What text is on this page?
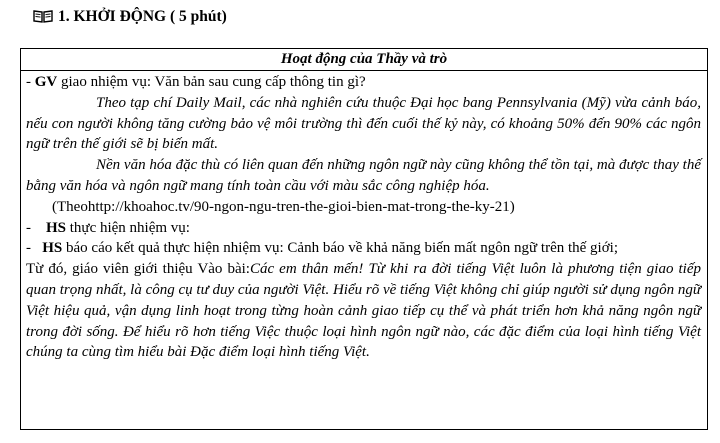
1. KHỞI ĐỘNG ( 5 phút)
Hoạt động của Thầy và trò

- GV giao nhiệm vụ: Văn bản sau cung cấp thông tin gì?

Theo tạp chí Daily Mail, các nhà nghiên cứu thuộc Đại học bang Pennsylvania (Mỹ) vừa cảnh báo, nếu con người không tăng cường bảo vệ môi trường thì đến cuối thế kỷ này, có khoảng 50% đến 90% các ngôn ngữ trên thế giới sẽ bị biến mất.

Nền văn hóa đặc thù có liên quan đến những ngôn ngữ này cũng không thể tồn tại, mà được thay thế bằng văn hóa và ngôn ngữ mang tính toàn cầu với màu sắc công nghiệp hóa.

(Theohttp://khoahoc.tv/90-ngon-ngu-tren-the-gioi-bien-mat-trong-the-ky-21)

-    HS thực hiện nhiệm vụ:

-   HS báo cáo kết quả thực hiện nhiệm vụ: Cảnh báo về khả năng biến mất ngôn ngữ trên thế giới;

Từ đó, giáo viên giới thiệu Vào bài:Các em thân mến! Từ khi ra đời tiếng Việt luôn là phương tiện giao tiếp quan trọng nhất, là công cụ tư duy của người Việt. Hiểu rõ về tiếng Việt không chỉ giúp người sử dụng ngôn ngữ Việt hiệu quả, vận dụng linh hoạt trong từng hoàn cảnh giao tiếp cụ thể và phát triển hơn khả năng ngôn ngữ trong đời sống. Để hiểu rõ hơn tiếng Việc thuộc loại hình ngôn ngữ nào, các đặc điểm của loại hình tiếng Việt chúng ta cùng tìm hiểu bài Đặc điểm loại hình tiếng Việt.
